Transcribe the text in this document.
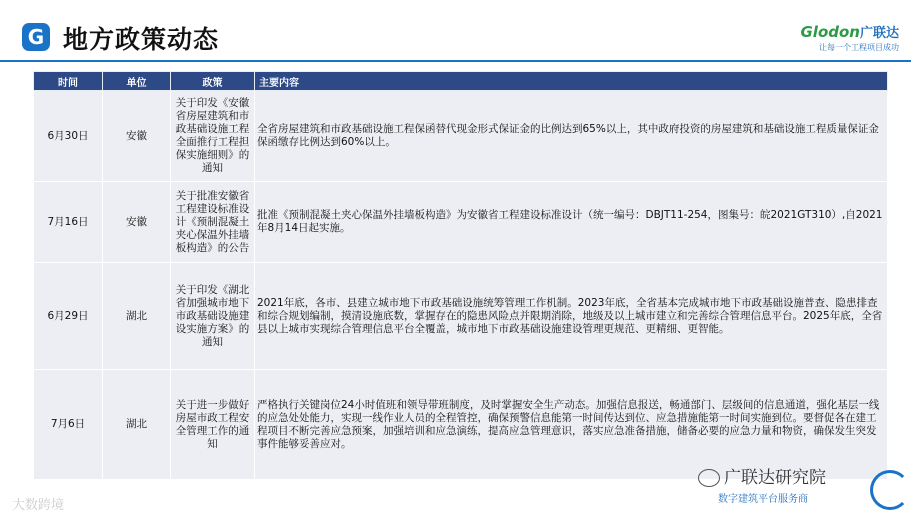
G 地方政策动态	Glodon广联达
让每一个工程项目成功
时间	单位	政策	主要内容
6月30日	安徽	关于印发《安徽省房屋建筑和市政基础设施工程全面推行工程担保实施细则》的通知	全省房屋建筑和市政基础设施工程保函替代现金形式保证金的比例达到65%以上，其中政府投资的房屋建筑和基础设施工程质量保证金保函缴存比例达到60%以上。
7月16日	安徽	关于批准安徽省工程建设标准设计《预制混凝土夹心保温外挂墙板构造》的公告	批准《预制混凝土夹心保温外挂墙板构造》为安徽省工程建设标准设计（统一编号：DBJT11-254，图集号：皖2021GT310）,自2021年8月14日起实施。
6月29日	湖北	关于印发《湖北省加强城市地下市政基础设施建设实施方案》的通知	2021年底，各市、县建立城市地下市政基础设施统筹管理工作机制。2023年底，全省基本完成城市地下市政基础设施普查、隐患排查和综合规划编制，摸清设施底数，掌握存在的隐患风险点并限期消除，地级及以上城市建立和完善综合管理信息平台。2025年底，全省县以上城市实现综合管理信息平台全覆盖，城市地下市政基础设施建设管理更规范、更精细、更智能。
7月6日	湖北	关于进一步做好房屋市政工程安全管理工作的通知	严格执行关键岗位24小时值班和领导带班制度，及时掌握安全生产动态。加强信息报送，畅通部门、层级间的信息通道，强化基层一线的应急处处能力，实现一线作业人员的全程管控，确保预警信息能第一时间传达到位、应急措施能第一时间实施到位。要督促各在建工程项目不断完善应急预案，加强培训和应急演练，提高应急管理意识，落实应急准备措施，储备必要的应急力量和物资，确保发生突发事件能够妥善应对。
广联达研究院
数字建筑平台服务商
大数跨境
